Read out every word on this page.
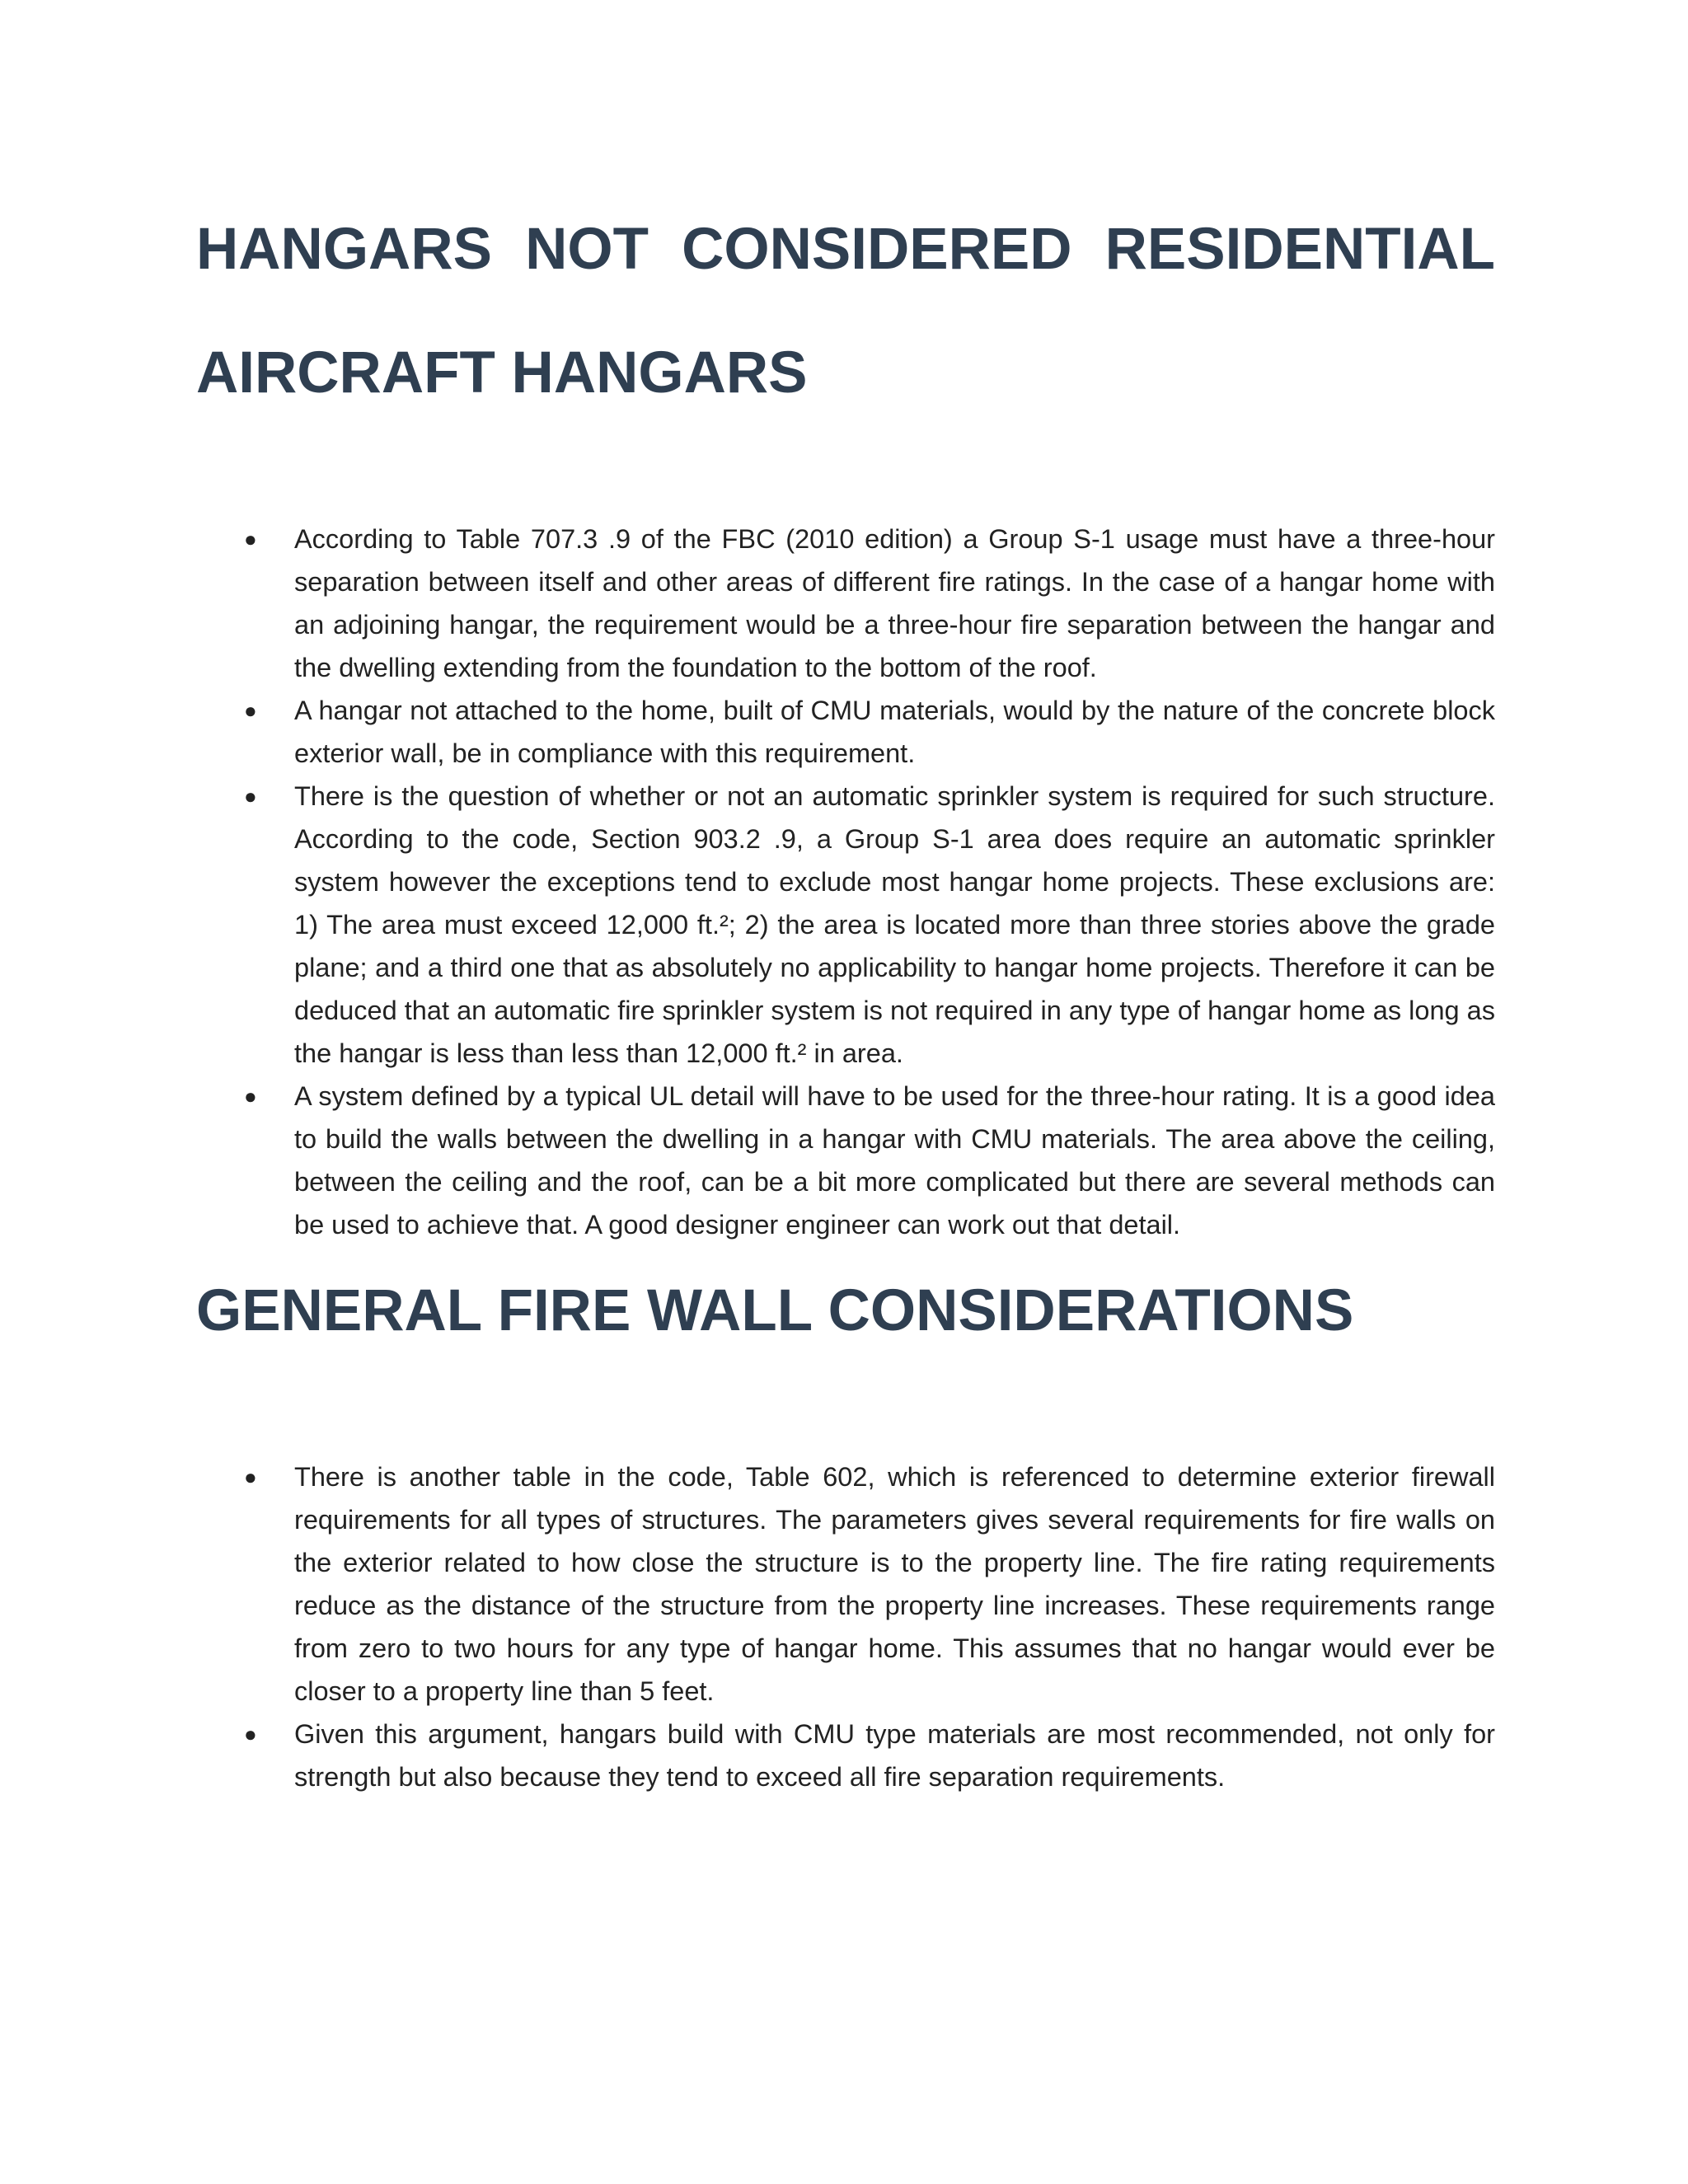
HANGARS NOT CONSIDERED RESIDENTIAL
AIRCRAFT HANGARS
● According to Table 707.3 .9 of the FBC (2010 edition) a Group S-1 usage must have a three-hour separation between itself and other areas of different fire ratings. In the case of a hangar home with an adjoining hangar, the requirement would be a three-hour fire separation between the hangar and the dwelling extending from the foundation to the bottom of the roof.
● A hangar not attached to the home, built of CMU materials, would by the nature of the concrete block exterior wall, be in compliance with this requirement.
● There is the question of whether or not an automatic sprinkler system is required for such structure. According to the code, Section 903.2 .9, a Group S-1 area does require an automatic sprinkler system however the exceptions tend to exclude most hangar home projects. These exclusions are: 1) The area must exceed 12,000 ft.²; 2) the area is located more than three stories above the grade plane; and a third one that as absolutely no applicability to hangar home projects. Therefore it can be deduced that an automatic fire sprinkler system is not required in any type of hangar home as long as the hangar is less than less than 12,000 ft.² in area.
● A system defined by a typical UL detail will have to be used for the three-hour rating. It is a good idea to build the walls between the dwelling in a hangar with CMU materials. The area above the ceiling, between the ceiling and the roof, can be a bit more complicated but there are several methods can be used to achieve that. A good designer engineer can work out that detail.
GENERAL FIRE WALL CONSIDERATIONS
● There is another table in the code, Table 602, which is referenced to determine exterior firewall requirements for all types of structures. The parameters gives several requirements for fire walls on the exterior related to how close the structure is to the property line. The fire rating requirements reduce as the distance of the structure from the property line increases. These requirements range from zero to two hours for any type of hangar home. This assumes that no hangar would ever be closer to a property line than 5 feet.
● Given this argument, hangars build with CMU type materials are most recommended, not only for strength but also because they tend to exceed all fire separation requirements.
